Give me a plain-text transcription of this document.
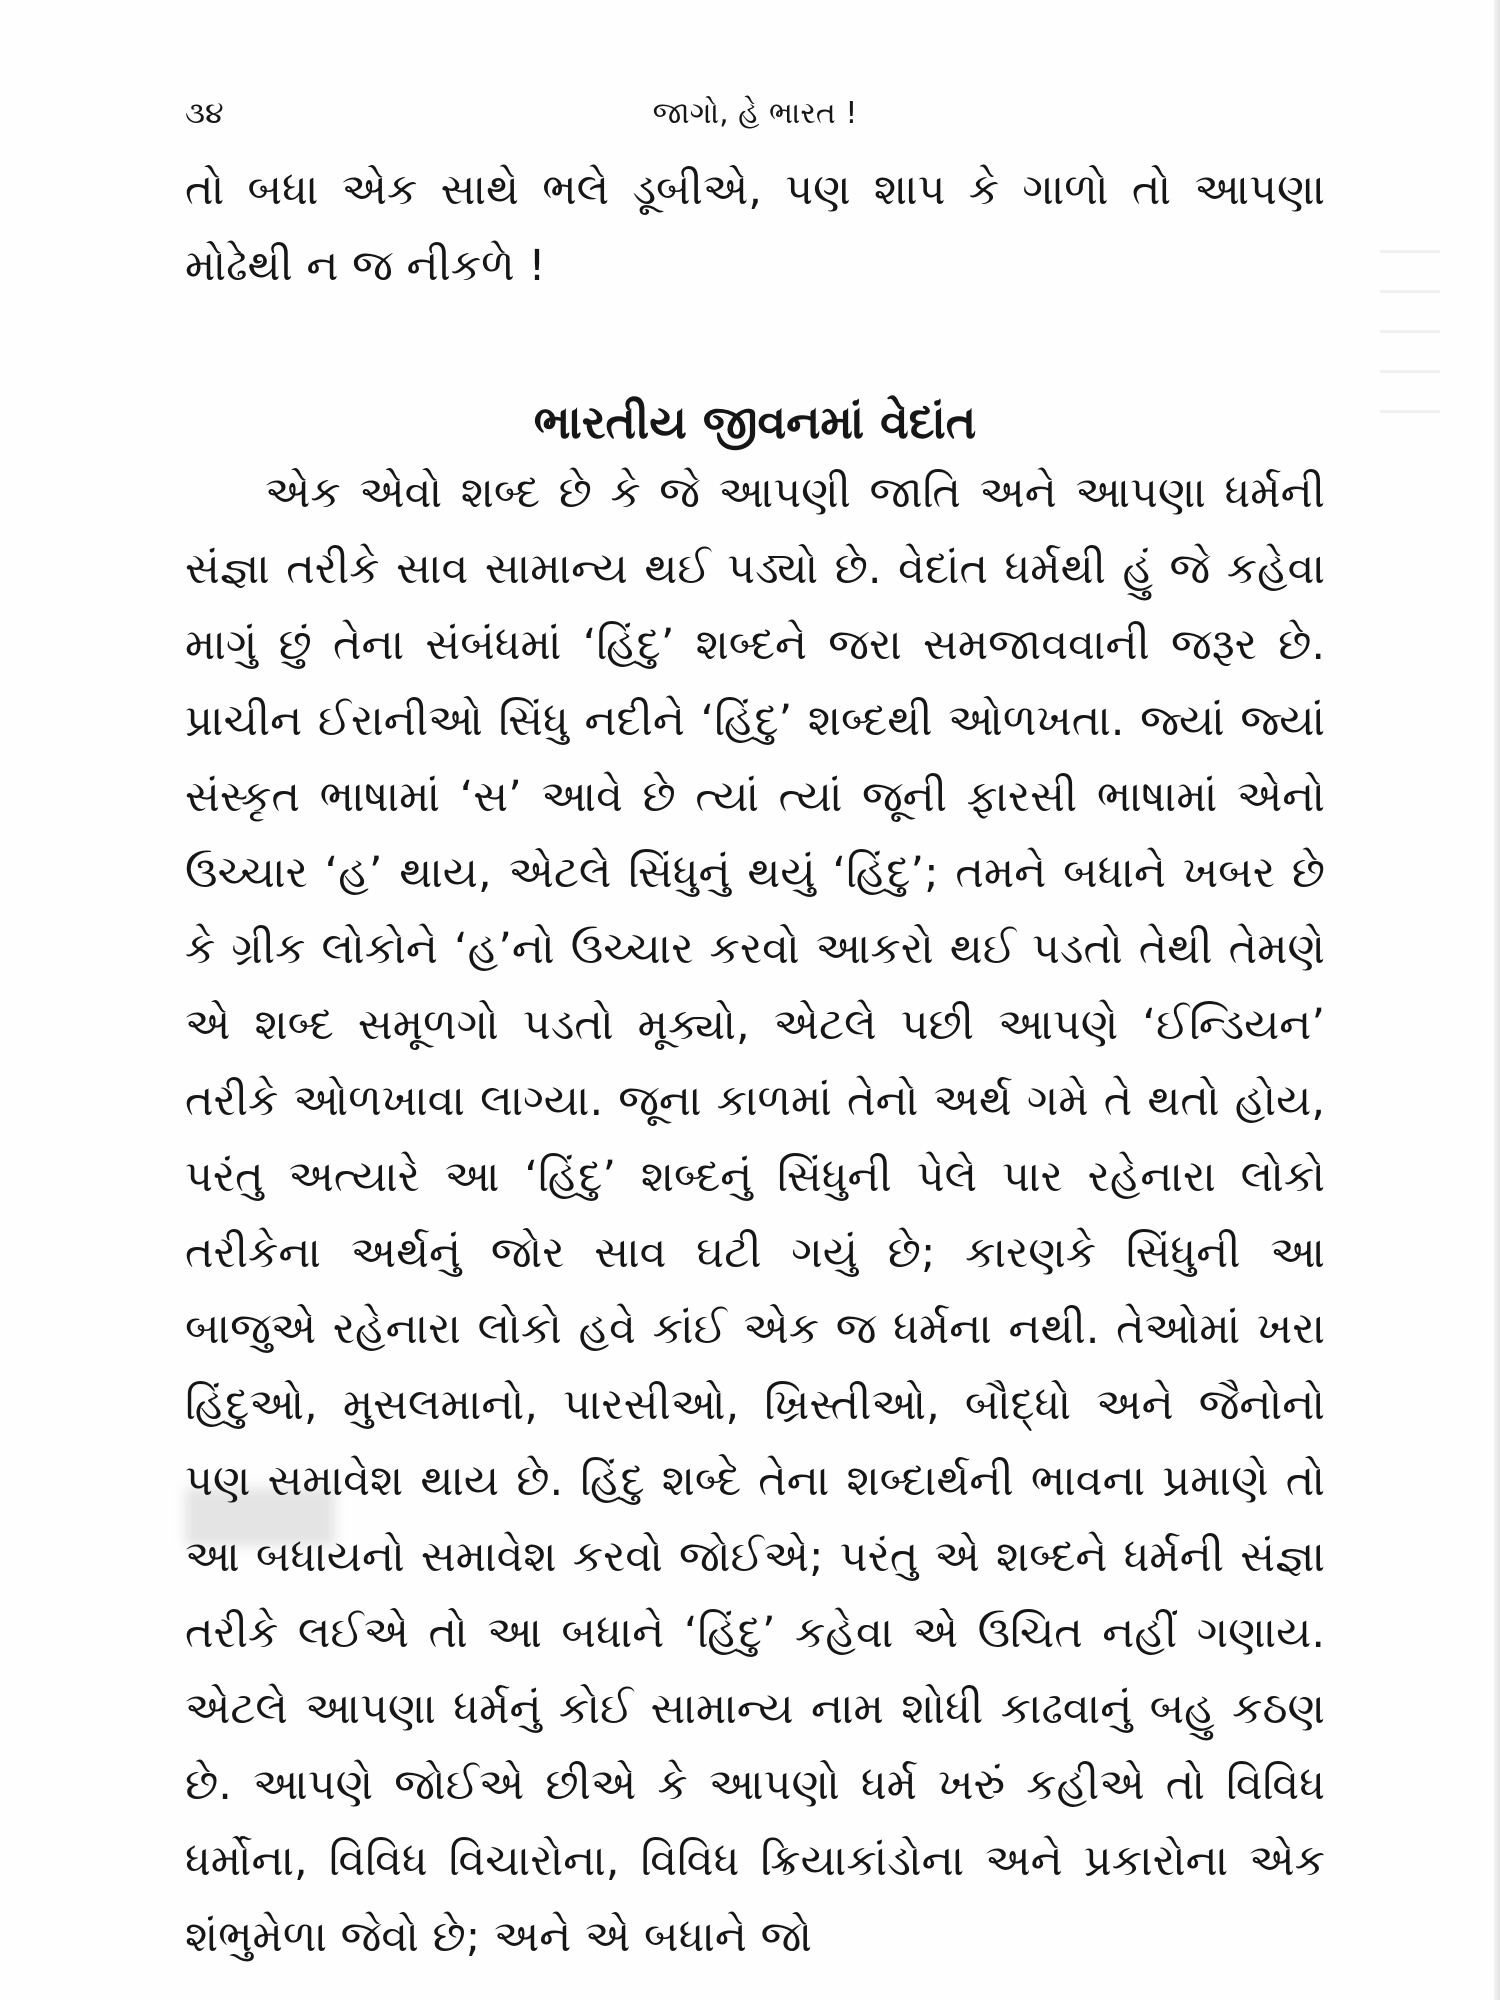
૩૪	જાગો, હે ભારત !

તો બધા એક સાથે ભલે ડૂબીએ, પણ શાપ કે ગાળો તો આપણા મોઢેથી ન જ નીકળે !

ભારતીય જીવનમાં વેદાંત

એક એવો શબ્દ છે કે જે આપણી જાતિ અને આપણા ધર્મની સંજ્ઞા તરીકે સાવ સામાન્ય થઈ પડ્યો છે. વેદાંત ધર્મથી હું જે કહેવા માગું છું તેના સંબંધમાં ‘હિંદુ’ શબ્દને જરા સમજાવવાની જરૂર છે. પ્રાચીન ઈરાનીઓ સિંધુ નદીને ‘હિંદુ’ શબ્દથી ઓળખતા. જ્યાં જ્યાં સંસ્કૃત ભાષામાં ‘સ’ આવે છે ત્યાં ત્યાં જૂની ફારસી ભાષામાં એનો ઉચ્ચાર ‘હ’ થાય, એટલે સિંધુનું થયું ‘હિંદુ’; તમને બધાને ખબર છે કે ગ્રીક લોકોને ‘હ’નો ઉચ્ચાર કરવો આકરો થઈ પડતો તેથી તેમણે એ શબ્દ સમૂળગો પડતો મૂક્યો, એટલે પછી આપણે ‘ઈન્ડિયન’ તરીકે ઓળખાવા લાગ્યા. જૂના કાળમાં તેનો અર્થ ગમે તે થતો હોય, પરંતુ અત્યારે આ ‘હિંદુ’ શબ્દનું સિંધુની પેલે પાર રહેનારા લોકો તરીકેના અર્થનું જોર સાવ ઘટી ગયું છે; કારણકે સિંધુની આ બાજુએ રહેનારા લોકો હવે કાંઈ એક જ ધર્મના નથી. તેઓમાં ખરા હિંદુઓ, મુસલમાનો, પારસીઓ, ખ્રિસ્તીઓ, બૌદ્ધો અને જૈનોનો પણ સમાવેશ થાય છે. હિંદુ શબ્દે તેના શબ્દાર્થની ભાવના પ્રમાણે તો આ બધાયનો સમાવેશ કરવો જોઈએ; પરંતુ એ શબ્દને ધર્મની સંજ્ઞા તરીકે લઈએ તો આ બધાને ‘હિંદુ’ કહેવા એ ઉચિત નહીં ગણાય. એટલે આપણા ધર્મનું કોઈ સામાન્ય નામ શોધી કાઢવાનું બહુ કઠણ છે. આપણે જોઈએ છીએ કે આપણો ધર્મ ખરું કહીએ તો વિવિધ ધર્મોના, વિવિધ વિચારોના, વિવિધ ક્રિયાકાંડોના અને પ્રકારોના એક શંભુમેળા જેવો છે; અને એ બધાને જો
